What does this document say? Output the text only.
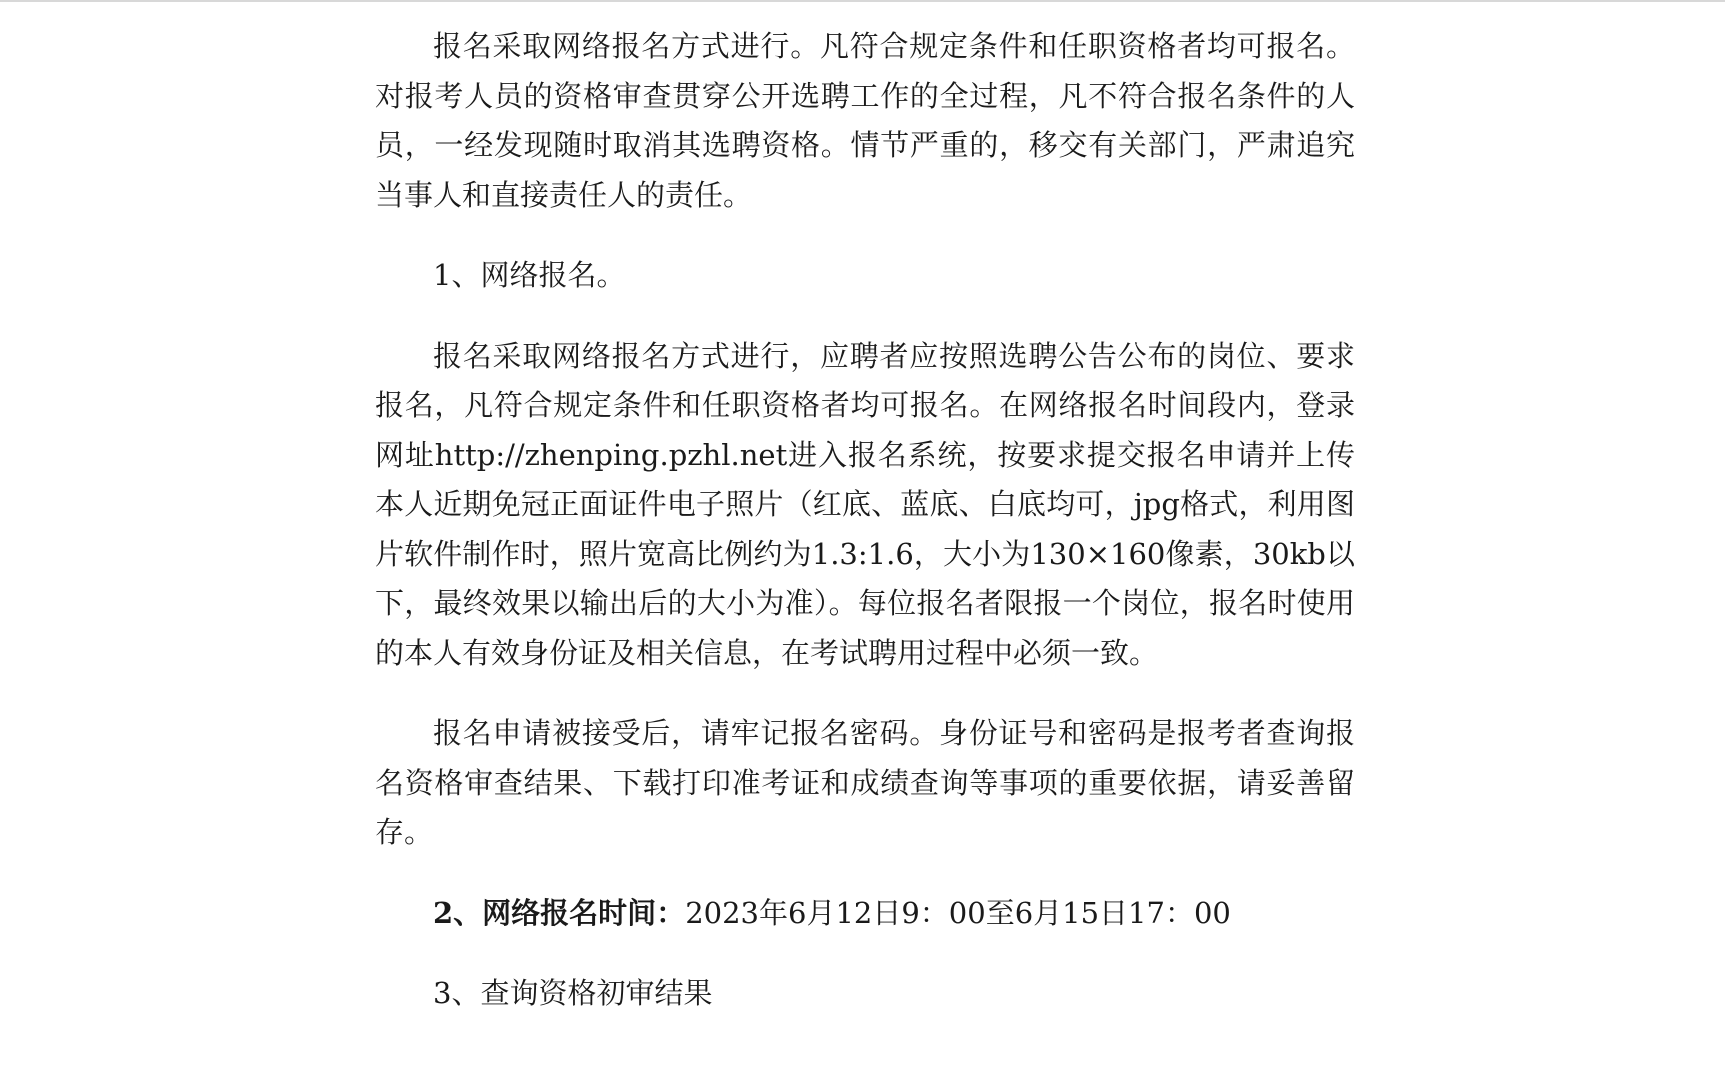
报名采取网络报名方式进行。凡符合规定条件和任职资格者均可报名。对报考人员的资格审查贯穿公开选聘工作的全过程，凡不符合报名条件的人员，一经发现随时取消其选聘资格。情节严重的，移交有关部门，严肃追究当事人和直接责任人的责任。

1、网络报名。

报名采取网络报名方式进行，应聘者应按照选聘公告公布的岗位、要求报名，凡符合规定条件和任职资格者均可报名。在网络报名时间段内，登录网址http://zhenping.pzhl.net进入报名系统，按要求提交报名申请并上传本人近期免冠正面证件电子照片（红底、蓝底、白底均可，jpg格式，利用图片软件制作时，照片宽高比例约为1.3:1.6，大小为130×160像素，30kb以下，最终效果以输出后的大小为准）。每位报名者限报一个岗位，报名时使用的本人有效身份证及相关信息，在考试聘用过程中必须一致。

报名申请被接受后，请牢记报名密码。身份证号和密码是报考者查询报名资格审查结果、下载打印准考证和成绩查询等事项的重要依据，请妥善留存。

2、网络报名时间：2023年6月12日9：00至6月15日17：00

3、查询资格初审结果
